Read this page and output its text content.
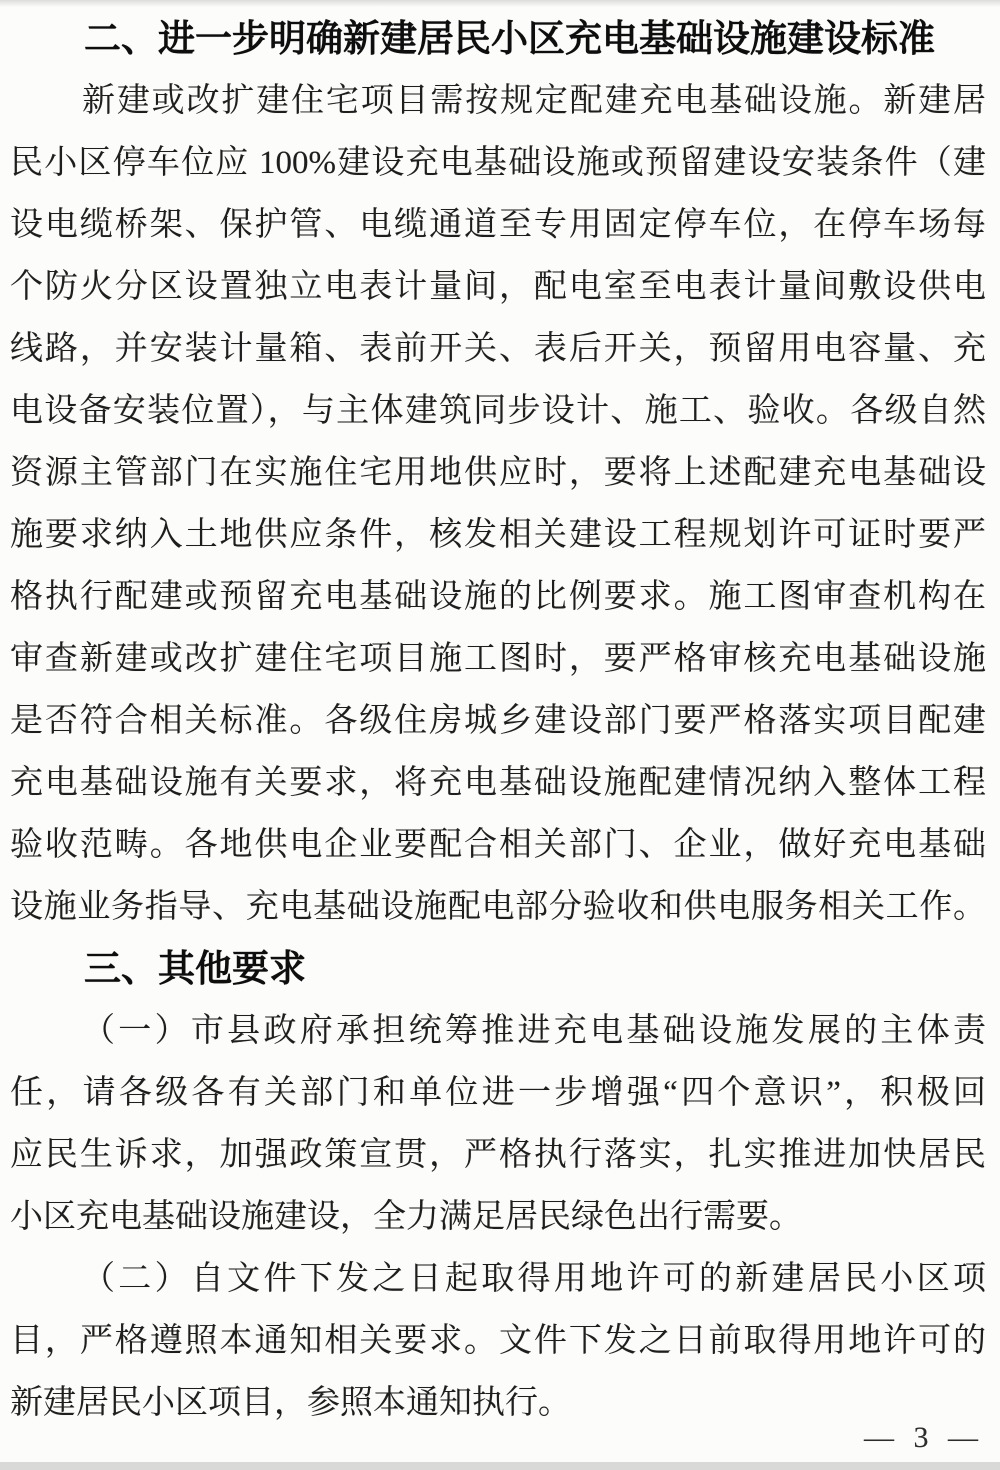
二、进一步明确新建居民小区充电基础设施建设标准
新建或改扩建住宅项目需按规定配建充电基础设施。新建居
民小区停车位应 100%建设充电基础设施或预留建设安装条件（建
设电缆桥架、保护管、电缆通道至专用固定停车位，在停车场每
个防火分区设置独立电表计量间，配电室至电表计量间敷设供电
线路，并安装计量箱、表前开关、表后开关，预留用电容量、充
电设备安装位置），与主体建筑同步设计、施工、验收。各级自然
资源主管部门在实施住宅用地供应时，要将上述配建充电基础设
施要求纳入土地供应条件，核发相关建设工程规划许可证时要严
格执行配建或预留充电基础设施的比例要求。施工图审查机构在
审查新建或改扩建住宅项目施工图时，要严格审核充电基础设施
是否符合相关标准。各级住房城乡建设部门要严格落实项目配建
充电基础设施有关要求，将充电基础设施配建情况纳入整体工程
验收范畴。各地供电企业要配合相关部门、企业，做好充电基础
设施业务指导、充电基础设施配电部分验收和供电服务相关工作。
三、其他要求
（一）市县政府承担统筹推进充电基础设施发展的主体责
任，请各级各有关部门和单位进一步增强“四个意识”，积极回
应民生诉求，加强政策宣贯，严格执行落实，扎实推进加快居民
小区充电基础设施建设，全力满足居民绿色出行需要。
（二）自文件下发之日起取得用地许可的新建居民小区项
目，严格遵照本通知相关要求。文件下发之日前取得用地许可的
新建居民小区项目，参照本通知执行。
— 3 —
